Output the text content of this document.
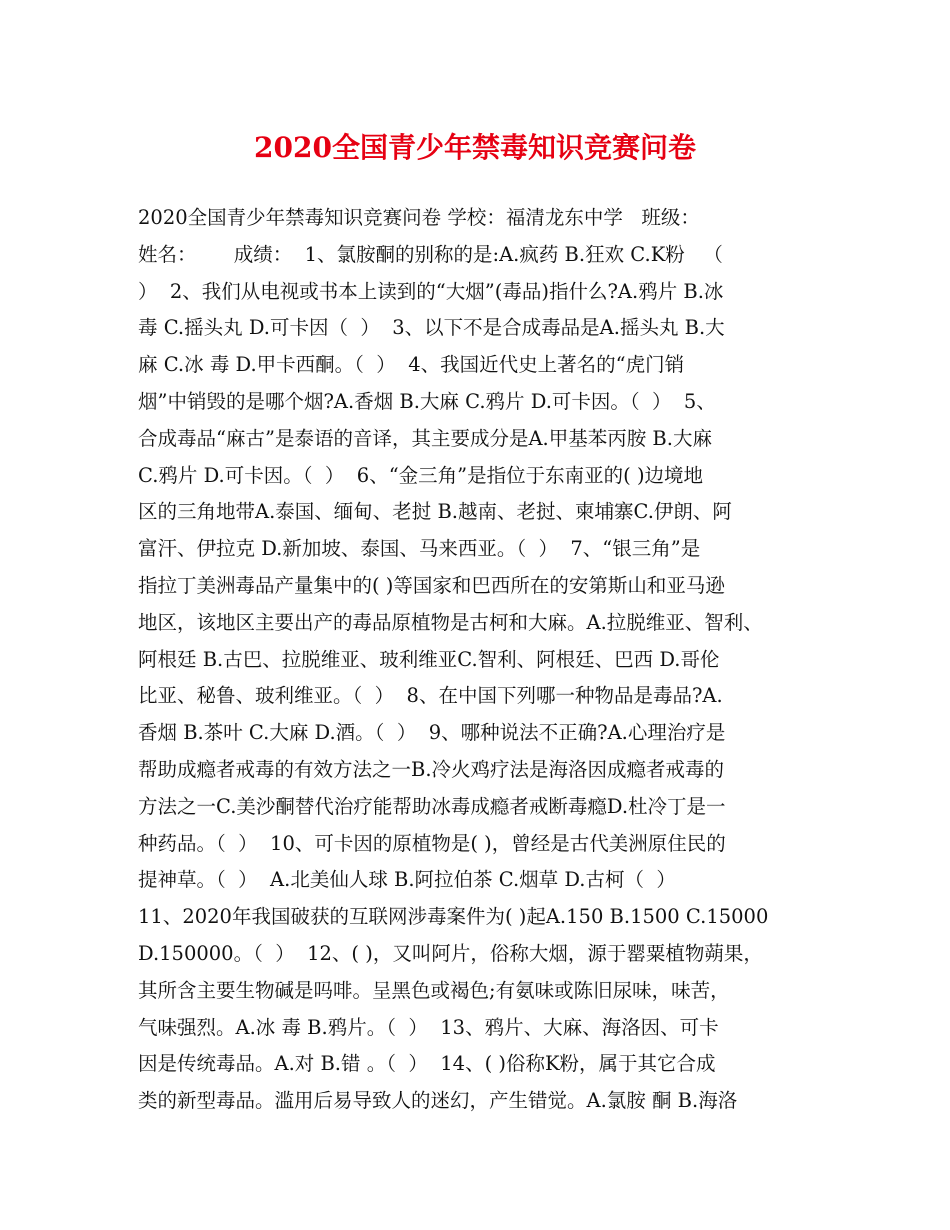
2020全国青少年禁毒知识竞赛问卷
2020全国青少年禁毒知识竞赛问卷 学校：福清龙东中学   班级：
姓名：      成绩：  1、氯胺酮的别称的是:A.疯药 B.狂欢 C.K粉   （
）  2、我们从电视或书本上读到的“大烟”(毒品)指什么?A.鸦片 B.冰
毒 C.摇头丸 D.可卡因（  ）  3、以下不是合成毒品是A.摇头丸 B.大
麻 C.冰 毒 D.甲卡西酮。（  ）  4、我国近代史上著名的“虎门销
烟”中销毁的是哪个烟?A.香烟 B.大麻 C.鸦片 D.可卡因。（  ）  5、
合成毒品“麻古”是泰语的音译，其主要成分是A.甲基苯丙胺 B.大麻
C.鸦片 D.可卡因。（  ）  6、“金三角”是指位于东南亚的( )边境地
区的三角地带A.泰国、缅甸、老挝 B.越南、老挝、柬埔寨C.伊朗、阿
富汗、伊拉克 D.新加坡、泰国、马来西亚。（  ）  7、“银三角”是
指拉丁美洲毒品产量集中的( )等国家和巴西所在的安第斯山和亚马逊
地区，该地区主要出产的毒品原植物是古柯和大麻。A.拉脱维亚、智利、
阿根廷 B.古巴、拉脱维亚、玻利维亚C.智利、阿根廷、巴西 D.哥伦
比亚、秘鲁、玻利维亚。（  ）  8、在中国下列哪一种物品是毒品?A.
香烟 B.茶叶 C.大麻 D.酒。（  ）  9、哪种说法不正确?A.心理治疗是
帮助成瘾者戒毒的有效方法之一B.冷火鸡疗法是海洛因成瘾者戒毒的
方法之一C.美沙酮替代治疗能帮助冰毒成瘾者戒断毒瘾D.杜冷丁是一
种药品。（  ）  10、可卡因的原植物是( )，曾经是古代美洲原住民的
提神草。（  ）  A.北美仙人球 B.阿拉伯茶 C.烟草 D.古柯（  ）
11、2020年我国破获的互联网涉毒案件为( )起A.150 B.1500 C.15000
D.150000。（  ）  12、( )，又叫阿片，俗称大烟，源于罂粟植物蒴果，
其所含主要生物碱是吗啡。呈黑色或褐色;有氨味或陈旧尿味，味苦，
气味强烈。A.冰 毒 B.鸦片。（  ）  13、鸦片、大麻、海洛因、可卡
因是传统毒品。A.对 B.错 。（  ）  14、( )俗称K粉，属于其它合成
类的新型毒品。滥用后易导致人的迷幻，产生错觉。A.氯胺 酮 B.海洛
